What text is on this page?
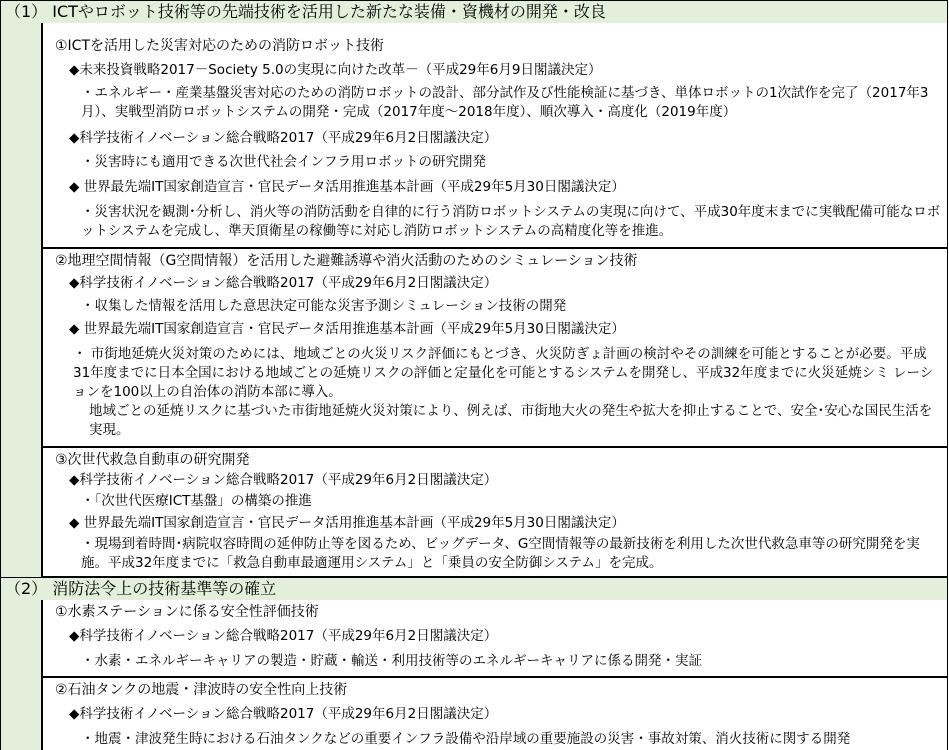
（1） ICTやロボット技術等の先端技術を活用した新たな装備・資機材の開発・改良
①ICTを活用した災害対応のための消防ロボット技術
◆未来投資戦略2017－Society 5.0の実現に向けた改革－（平成29年6月9日閣議決定）
・エネルギー・産業基盤災害対応のための消防ロボットの設計、部分試作及び性能検証に基づき、単体ロボットの1次試作を完了（2017年3月）、実戦型消防ロボットシステムの開発・完成（2017年度～2018年度）、順次導入・高度化（2019年度）
◆科学技術イノベーション総合戦略2017（平成29年6月2日閣議決定）
・災害時にも適用できる次世代社会インフラ用ロボットの研究開発
◆ 世界最先端IT国家創造宣言・官民データ活用推進基本計画（平成29年5月30日閣議決定）
・災害状況を観測･分析し、消火等の消防活動を自律的に行う消防ロボットシステムの実現に向けて、平成30年度末までに実戦配備可能なロボットシステムを完成し、準天頂衛星の稼働等に対応し消防ロボットシステムの高精度化等を推進。
②地理空間情報（G空間情報）を活用した避難誘導や消火活動のためのシミュレーション技術
◆科学技術イノベーション総合戦略2017（平成29年6月2日閣議決定）
・収集した情報を活用した意思決定可能な災害予測シミュレーション技術の開発
◆ 世界最先端IT国家創造宣言・官民データ活用推進基本計画（平成29年5月30日閣議決定）
・ 市街地延焼火災対策のためには、地域ごとの火災リスク評価にもとづき、火災防ぎょ計画の検討やその訓練を可能とすることが必要。平成31年度までに日本全国における地域ごとの延焼リスクの評価と定量化を可能とするシステムを開発し、平成32年度までに火災延焼シミ レーションを100以上の自治体の消防本部に導入。
地域ごとの延焼リスクに基づいた市街地延焼火災対策により、例えば、市街地大火の発生や拡大を抑止することで、安全･安心な国民生活を実現。
③次世代救急自動車の研究開発
◆科学技術イノベーション総合戦略2017（平成29年6月2日閣議決定）
・「次世代医療ICT基盤」の構築の推進
◆ 世界最先端IT国家創造宣言・官民データ活用推進基本計画（平成29年5月30日閣議決定）
・現場到着時間･病院収容時間の延伸防止等を図るため、ビッグデータ、G空間情報等の最新技術を利用した次世代救急車等の研究開発を実施。平成32年度までに「救急自動車最適運用システム」と「乗員の安全防御システム」を完成。
（2） 消防法令上の技術基準等の確立
①水素ステーションに係る安全性評価技術
◆科学技術イノベーション総合戦略2017（平成29年6月2日閣議決定）
・水素・エネルギーキャリアの製造・貯蔵・輸送・利用技術等のエネルギーキャリアに係る開発・実証
②石油タンクの地震・津波時の安全性向上技術
◆科学技術イノベーション総合戦略2017（平成29年6月2日閣議決定）
・地震・津波発生時における石油タンクなどの重要インフラ設備や沿岸域の重要施設の災害・事故対策、消火技術に関する開発
